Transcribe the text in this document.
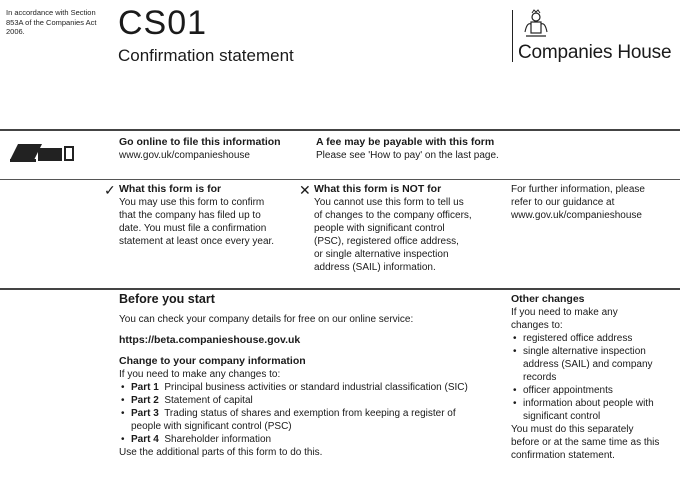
In accordance with Section 853A of the Companies Act 2006.	CS01
Confirmation statement	Companies House
Go online to file this information
www.gov.uk/companieshouse
A fee may be payable with this form
Please see 'How to pay' on the last page.
✓ What this form is for
You may use this form to confirm
that the company has filed up to
date. You must file a confirmation
statement at least once every year.
✕ What this form is NOT for
You cannot use this form to tell us
of changes to the company officers,
people with significant control
(PSC), registered office address,
or single alternative inspection
address (SAIL) information.
For further information, please
refer to our guidance at
www.gov.uk/companieshouse
Before you start
You can check your company details for free on our online service:
https://beta.companieshouse.gov.uk
Change to your company information
If you need to make any changes to:
• Part 1 Principal business activities or standard industrial classification (SIC)
• Part 2 Statement of capital
• Part 3 Trading status of shares and exemption from keeping a register of
people with significant control (PSC)
• Part 4 Shareholder information
Use the additional parts of this form to do this.
Other changes
If you need to make any
changes to:
• registered office address
• single alternative inspection
address (SAIL) and company
records
• officer appointments
• information about people with
significant control
You must do this separately
before or at the same time as this
confirmation statement.
